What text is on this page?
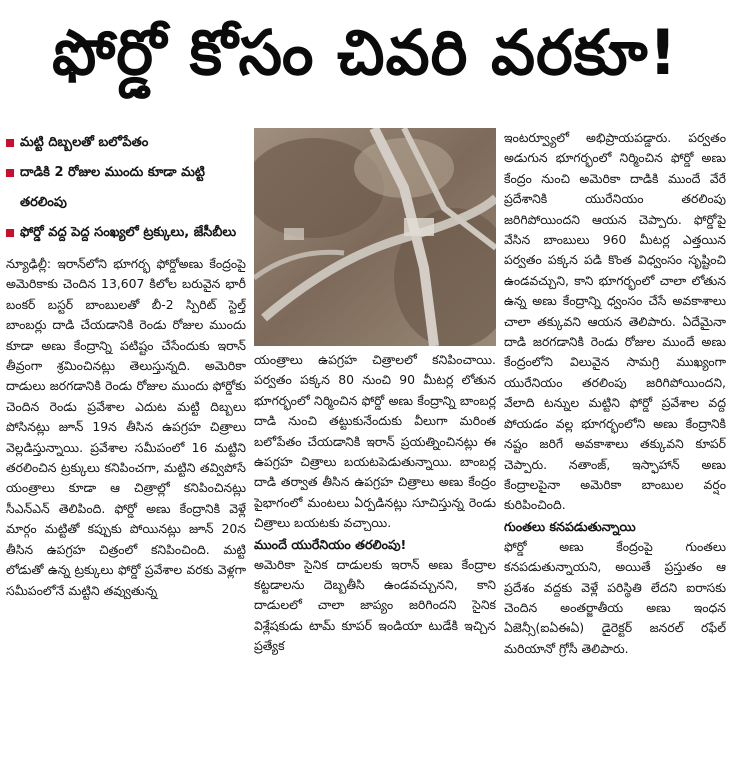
ఫోర్డో కోసం చివరి వరకూ!
మట్టి దిబ్బలతో బలోపేతం
దాడికి 2 రోజుల ముందు కూడా మట్టి తరలింపు
ఫోర్డో వద్ద పెద్ద సంఖ్యలో ట్రక్కులు, జేసీబీలు

న్యూఢిల్లీ: ఇరాన్‌లోని భూగర్భ ఫోర్డోఅణు కేంద్రంపై అమెరికాకు చెందిన 13,607 కిలోల బరువైన భారీ బంకర్ బస్టర్ బాంబులతో బీ-2 స్పిరిట్ స్టెల్త్ బాంబర్లు దాడి చేయడానికి రెండు రోజుల ముందు కూడా అణు కేంద్రాన్ని పటిష్టం చేసేందుకు ఇరాన్ తీవ్రంగా శ్రమించినట్లు తెలుస్తున్నది. అమెరికా దాడులు జరగడానికి రెండు రోజుల ముందు ఫోర్డోకు చెందిన రెండు ప్రవేశాల ఎదుట మట్టి దిబ్బలు పోసినట్లు జూన్ 19న తీసిన ఉపగ్రహ చిత్రాలు వెల్లడిస్తున్నాయి. ప్రవేశాల సమీపంలో 16 మట్టిని తరలించిన ట్రక్కులు కనిపించగా, మట్టిని తవ్విపోసే యంత్రాలు కూడా ఆ చిత్రాల్లో కనిపించినట్లు సీఎన్ఎన్ తెలిపింది. ఫోర్డో అణు కేంద్రానికి వెళ్లే మార్గం మట్టితో కప్పుకు పోయినట్లు జూన్ 20న తీసిన ఉపగ్రహ చిత్రంలో కనిపించింది. మట్టి లోడుతో ఉన్న ట్రక్కులు ఫోర్డో ప్రవేశాల వరకు వెళ్లగా సమీపంలోనే మట్టిని తవ్వుతున్న

యంత్రాలు ఉపగ్రహ చిత్రాలలో కనిపించాయి. పర్వతం పక్కన 80 నుంచి 90 మీటర్ల లోతున భూగర్భంలో నిర్మించిన ఫోర్డో అణు కేంద్రాన్ని బాంబర్ల దాడి నుంచి తట్టుకునేందుకు వీలుగా మరింత బలోపేతం చేయడానికి ఇరాన్ ప్రయత్నించినట్లు ఈ ఉపగ్రహ చిత్రాలు బయటపెడుతున్నాయి. బాంబర్ల దాడి తర్వాత తీసిన ఉపగ్రహ చిత్రాలు అణు కేంద్రం పైభాగంలో మంటలు ఏర్పడినట్లు సూచిస్తున్న రెండు చిత్రాలు బయటకు వచ్చాయి.

ముందే యురేనియం తరలింపు!

అమెరికా సైనిక దాడులకు ఇరాన్ అణు కేంద్రాల కట్టడాలను దెబ్బతీసి ఉండవచ్చునని, కాని దాడులలో చాలా జాప్యం జరిగిందని సైనిక విశ్లేషకుడు టామ్ కూపర్ ఇండియా టుడేకి ఇచ్చిన ప్రత్యేక

ఇంటర్వ్యూలో అభిప్రాయపడ్డారు. పర్వతం అడుగున భూగర్భంలో నిర్మించిన ఫోర్డో అణు కేంద్రం నుంచి అమెరికా దాడికి ముందే వేరే ప్రదేశానికి యురేనియం తరలింపు జరిగిపోయిందని ఆయన చెప్పారు. ఫోర్డోపై వేసిన బాంబులు 960 మీటర్ల ఎత్తయిన పర్వతం పక్కన పడి కొంత విధ్వంసం సృష్టించి ఉండవచ్చుని, కాని భూగర్భంలో చాలా లోతున ఉన్న అణు కేంద్రాన్ని ధ్వంసం చేసే అవకాశాలు చాలా తక్కువని ఆయన తెలిపారు. ఏదేమైనా దాడి జరగడానికి రెండు రోజుల ముందే అణు కేంద్రంలోని విలువైన సామగ్రి ముఖ్యంగా యురేనియం తరలింపు జరిగిపోయిందని, వేలాది టన్నుల మట్టిని ఫోర్డో ప్రవేశాల వద్ద పోయడం వల్ల భూగర్భంలోని అణు కేంద్రానికి నష్టం జరిగే అవకాశాలు తక్కువని కూపర్ చెప్పారు. నతాంజ్, ఇస్ఫాహాన్ అణు కేంద్రాలపైనా అమెరికా బాంబుల వర్షం కురిపించింది.

గుంతలు కనపడుతున్నాయి

ఫోర్డో అణు కేంద్రంపై గుంతలు కనపడుతున్నాయని, అయితే ప్రస్తుతం ఆ ప్రదేశం వద్దకు వెళ్లే పరిస్థితి లేదని ఐరాసకు చెందిన అంతర్జాతీయ అణు ఇంధన ఏజెన్సీ(ఐఏఈఏ) డైరెక్టర్ జనరల్ రఫేల్ మరియానో గ్రోసీ తెలిపారు.
